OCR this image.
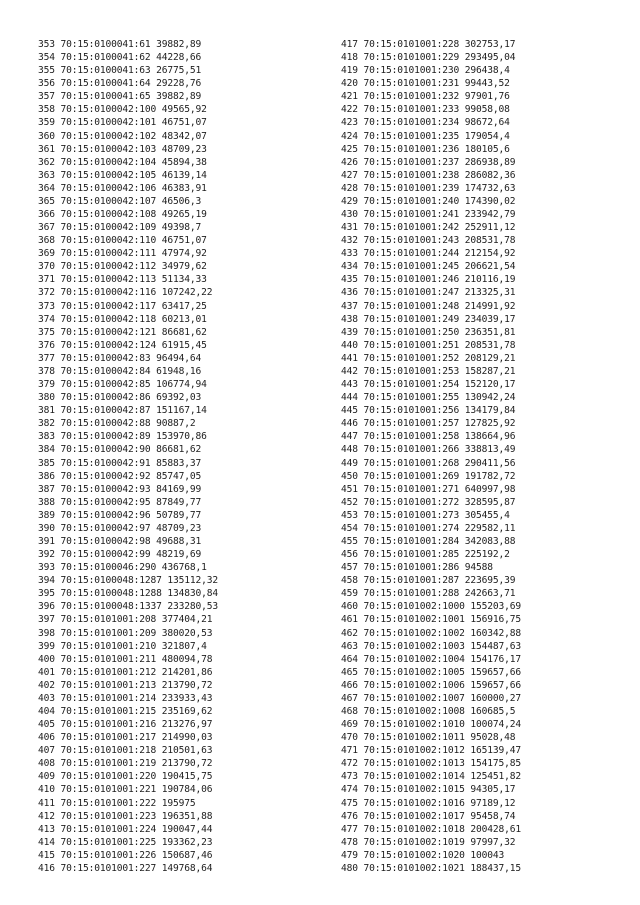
353 70:15:0100041:61 39882,89
354 70:15:0100041:62 44228,66
355 70:15:0100041:63 26775,51
356 70:15:0100041:64 29228,76
357 70:15:0100041:65 39882,89
358 70:15:0100042:100 49565,92
359 70:15:0100042:101 46751,07
360 70:15:0100042:102 48342,07
361 70:15:0100042:103 48709,23
362 70:15:0100042:104 45894,38
363 70:15:0100042:105 46139,14
364 70:15:0100042:106 46383,91
365 70:15:0100042:107 46506,3
366 70:15:0100042:108 49265,19
367 70:15:0100042:109 49398,7
368 70:15:0100042:110 46751,07
369 70:15:0100042:111 47974,92
370 70:15:0100042:112 34979,62
371 70:15:0100042:113 51134,33
372 70:15:0100042:116 107242,22
373 70:15:0100042:117 63417,25
374 70:15:0100042:118 60213,01
375 70:15:0100042:121 86681,62
376 70:15:0100042:124 61915,45
377 70:15:0100042:83 96494,64
378 70:15:0100042:84 61948,16
379 70:15:0100042:85 106774,94
380 70:15:0100042:86 69392,03
381 70:15:0100042:87 151167,14
382 70:15:0100042:88 90887,2
383 70:15:0100042:89 153970,86
384 70:15:0100042:90 86681,62
385 70:15:0100042:91 85883,37
386 70:15:0100042:92 85747,05
387 70:15:0100042:93 84169,99
388 70:15:0100042:95 87849,77
389 70:15:0100042:96 50789,77
390 70:15:0100042:97 48709,23
391 70:15:0100042:98 49688,31
392 70:15:0100042:99 48219,69
393 70:15:0100046:290 436768,1
394 70:15:0100048:1287 135112,32
395 70:15:0100048:1288 134830,84
396 70:15:0100048:1337 233280,53
397 70:15:0101001:208 377404,21
398 70:15:0101001:209 380020,53
399 70:15:0101001:210 321807,4
400 70:15:0101001:211 480094,78
401 70:15:0101001:212 214201,86
402 70:15:0101001:213 213790,72
403 70:15:0101001:214 233933,43
404 70:15:0101001:215 235169,62
405 70:15:0101001:216 213276,97
406 70:15:0101001:217 214990,03
407 70:15:0101001:218 210501,63
408 70:15:0101001:219 213790,72
409 70:15:0101001:220 190415,75
410 70:15:0101001:221 190784,06
411 70:15:0101001:222 195975
412 70:15:0101001:223 196351,88
413 70:15:0101001:224 190047,44
414 70:15:0101001:225 193362,23
415 70:15:0101001:226 150687,46
416 70:15:0101001:227 149768,64
417 70:15:0101001:228 302753,17
418 70:15:0101001:229 293495,04
419 70:15:0101001:230 296438,4
420 70:15:0101001:231 99443,52
421 70:15:0101001:232 97901,76
422 70:15:0101001:233 99058,08
423 70:15:0101001:234 98672,64
424 70:15:0101001:235 179054,4
425 70:15:0101001:236 180105,6
426 70:15:0101001:237 286938,89
427 70:15:0101001:238 286082,36
428 70:15:0101001:239 174732,63
429 70:15:0101001:240 174390,02
430 70:15:0101001:241 233942,79
431 70:15:0101001:242 252911,12
432 70:15:0101001:243 208531,78
433 70:15:0101001:244 212154,92
434 70:15:0101001:245 206621,54
435 70:15:0101001:246 210116,19
436 70:15:0101001:247 213325,31
437 70:15:0101001:248 214991,92
438 70:15:0101001:249 234039,17
439 70:15:0101001:250 236351,81
440 70:15:0101001:251 208531,78
441 70:15:0101001:252 208129,21
442 70:15:0101001:253 158287,21
443 70:15:0101001:254 152120,17
444 70:15:0101001:255 130942,24
445 70:15:0101001:256 134179,84
446 70:15:0101001:257 127825,92
447 70:15:0101001:258 138664,96
448 70:15:0101001:266 338813,49
449 70:15:0101001:268 290411,56
450 70:15:0101001:269 191782,72
451 70:15:0101001:271 640997,98
452 70:15:0101001:272 328595,87
453 70:15:0101001:273 305455,4
454 70:15:0101001:274 229582,11
455 70:15:0101001:284 342083,88
456 70:15:0101001:285 225192,2
457 70:15:0101001:286 94588
458 70:15:0101001:287 223695,39
459 70:15:0101001:288 242663,71
460 70:15:0101002:1000 155203,69
461 70:15:0101002:1001 156916,75
462 70:15:0101002:1002 160342,88
463 70:15:0101002:1003 154487,63
464 70:15:0101002:1004 154176,17
465 70:15:0101002:1005 159657,66
466 70:15:0101002:1006 159657,66
467 70:15:0101002:1007 160000,27
468 70:15:0101002:1008 160685,5
469 70:15:0101002:1010 100074,24
470 70:15:0101002:1011 95028,48
471 70:15:0101002:1012 165139,47
472 70:15:0101002:1013 154175,85
473 70:15:0101002:1014 125451,82
474 70:15:0101002:1015 94305,17
475 70:15:0101002:1016 97189,12
476 70:15:0101002:1017 95458,74
477 70:15:0101002:1018 200428,61
478 70:15:0101002:1019 97997,32
479 70:15:0101002:1020 100043
480 70:15:0101002:1021 188437,15
